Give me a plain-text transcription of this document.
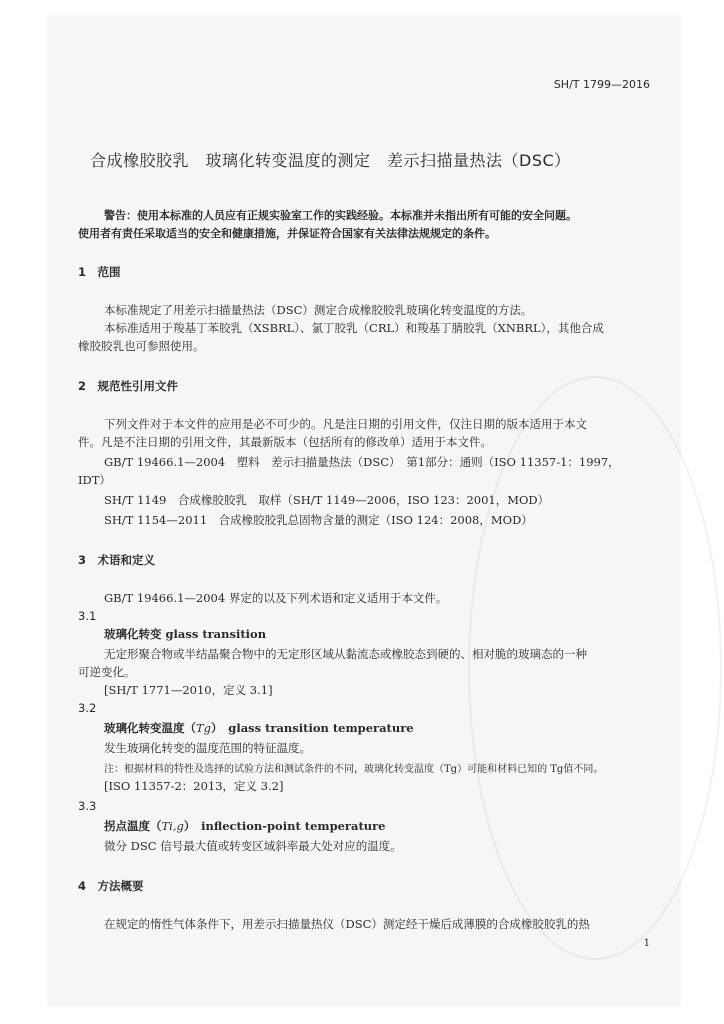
SH/T 1799—2016
合成橡胶胶乳　玻璃化转变温度的测定　差示扫描量热法（DSC）
警告：使用本标准的人员应有正规实验室工作的实践经验。本标准并未指出所有可能的安全问题。
使用者有责任采取适当的安全和健康措施，并保证符合国家有关法律法规规定的条件。
1　范围
本标准规定了用差示扫描量热法（DSC）测定合成橡胶胶乳玻璃化转变温度的方法。
本标准适用于羧基丁苯胶乳（XSBRL）、氯丁胶乳（CRL）和羧基丁腈胶乳（XNBRL），其他合成
橡胶胶乳也可参照使用。
2　规范性引用文件
下列文件对于本文件的应用是必不可少的。凡是注日期的引用文件，仅注日期的版本适用于本文
件。凡是不注日期的引用文件，其最新版本（包括所有的修改单）适用于本文件。
GB/T 19466.1—2004　塑料　差示扫描量热法（DSC）　第1部分：通则（ISO 11357-1：1997，
IDT）
SH/T 1149　合成橡胶胶乳　取样（SH/T 1149—2006，ISO 123：2001，MOD）
SH/T 1154—2011　合成橡胶胶乳总固物含量的测定（ISO 124：2008，MOD）
3　术语和定义
GB/T 19466.1—2004 界定的以及下列术语和定义适用于本文件。
3.1
玻璃化转变 glass transition
无定形聚合物或半结晶聚合物中的无定形区域从黏流态或橡胶态到硬的、相对脆的玻璃态的一种
可逆变化。
[SH/T 1771—2010，定义 3.1]
3.2
玻璃化转变温度（Tg）　glass transition temperature
发生玻璃化转变的温度范围的特征温度。
注：根据材料的特性及选择的试验方法和测试条件的不同，玻璃化转变温度（Tg）可能和材料已知的 Tg值不同。
[ISO 11357-2：2013，定义 3.2]
3.3
拐点温度（Ti,g）　inflection-point temperature
微分 DSC 信号最大值或转变区域斜率最大处对应的温度。
4　方法概要
在规定的惰性气体条件下，用差示扫描量热仪（DSC）测定经干燥后成薄膜的合成橡胶胶乳的热
1
